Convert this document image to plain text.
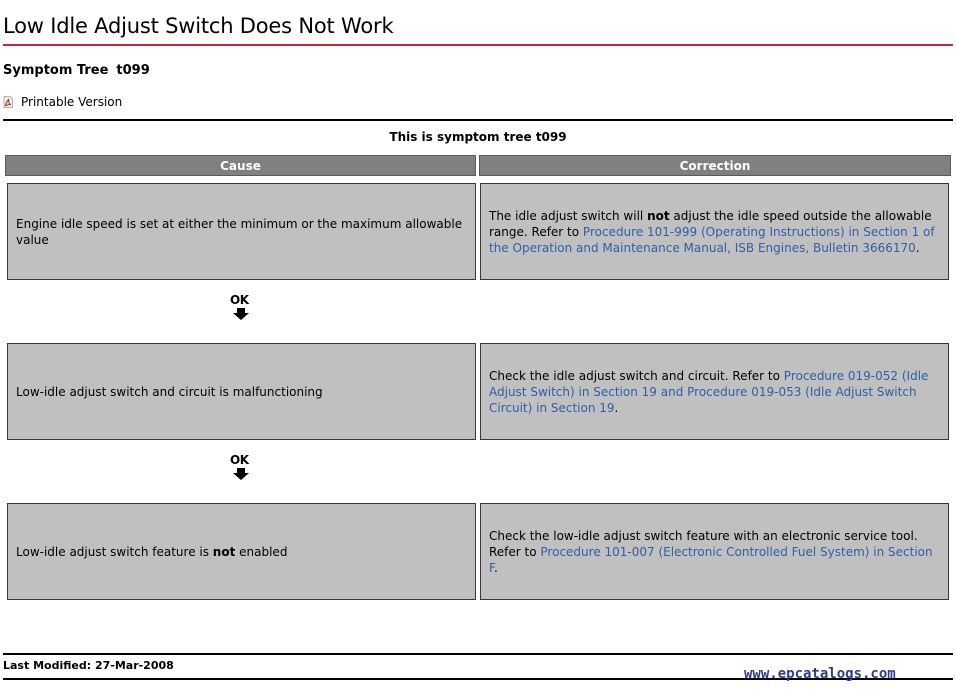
Low Idle Adjust Switch Does Not Work
Symptom Tree t099
Printable Version
This is symptom tree t099
Cause	Correction
Engine idle speed is set at either the minimum or the maximum allowable value
The idle adjust switch will not adjust the idle speed outside the allowable range. Refer to Procedure 101-999 (Operating Instructions) in Section 1 of the Operation and Maintenance Manual, ISB Engines, Bulletin 3666170.
OK
Low-idle adjust switch and circuit is malfunctioning
Check the idle adjust switch and circuit. Refer to Procedure 019-052 (Idle Adjust Switch) in Section 19 and Procedure 019-053 (Idle Adjust Switch Circuit) in Section 19.
OK
Low-idle adjust switch feature is not enabled
Check the low-idle adjust switch feature with an electronic service tool. Refer to Procedure 101-007 (Electronic Controlled Fuel System) in Section F.
Last Modified: 27-Mar-2008
www.epcatalogs.com
